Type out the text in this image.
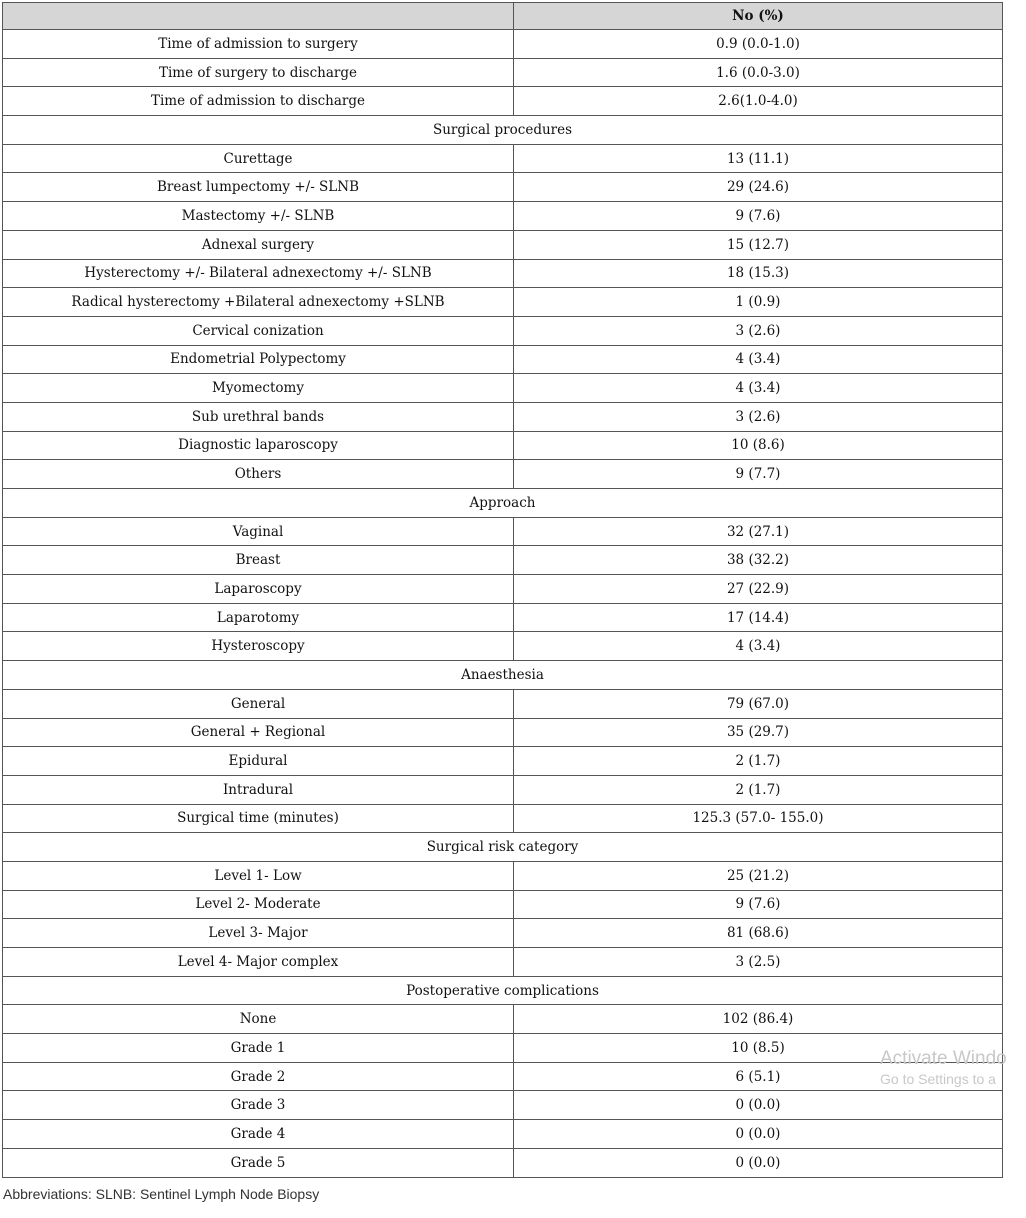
	No (%)
Time of admission to surgery	0.9 (0.0-1.0)
Time of surgery to discharge	1.6 (0.0-3.0)
Time of admission to discharge	2.6(1.0-4.0)
Surgical procedures	
Curettage	13 (11.1)
Breast lumpectomy +/- SLNB	29 (24.6)
Mastectomy +/- SLNB	9 (7.6)
Adnexal surgery	15 (12.7)
Hysterectomy +/- Bilateral adnexectomy +/- SLNB	18 (15.3)
Radical hysterectomy +Bilateral adnexectomy +SLNB	1 (0.9)
Cervical conization	3 (2.6)
Endometrial Polypectomy	4 (3.4)
Myomectomy	4 (3.4)
Sub urethral bands	3 (2.6)
Diagnostic laparoscopy	10 (8.6)
Others	9 (7.7)
Approach	
Vaginal	32 (27.1)
Breast	38 (32.2)
Laparoscopy	27 (22.9)
Laparotomy	17 (14.4)
Hysteroscopy	4 (3.4)
Anaesthesia	
General	79 (67.0)
General + Regional	35 (29.7)
Epidural	2 (1.7)
Intradural	2 (1.7)
Surgical time (minutes)	125.3 (57.0- 155.0)
Surgical risk category	
Level 1- Low	25 (21.2)
Level 2- Moderate	9 (7.6)
Level 3- Major	81 (68.6)
Level 4- Major complex	3 (2.5)
Postoperative complications	
None	102 (86.4)
Grade 1	10 (8.5)
Grade 2	6 (5.1)
Grade 3	0 (0.0)
Grade 4	0 (0.0)
Grade 5	0 (0.0)
Abbreviations: SLNB: Sentinel Lymph Node Biopsy
Activate Windo
Go to Settings to a
